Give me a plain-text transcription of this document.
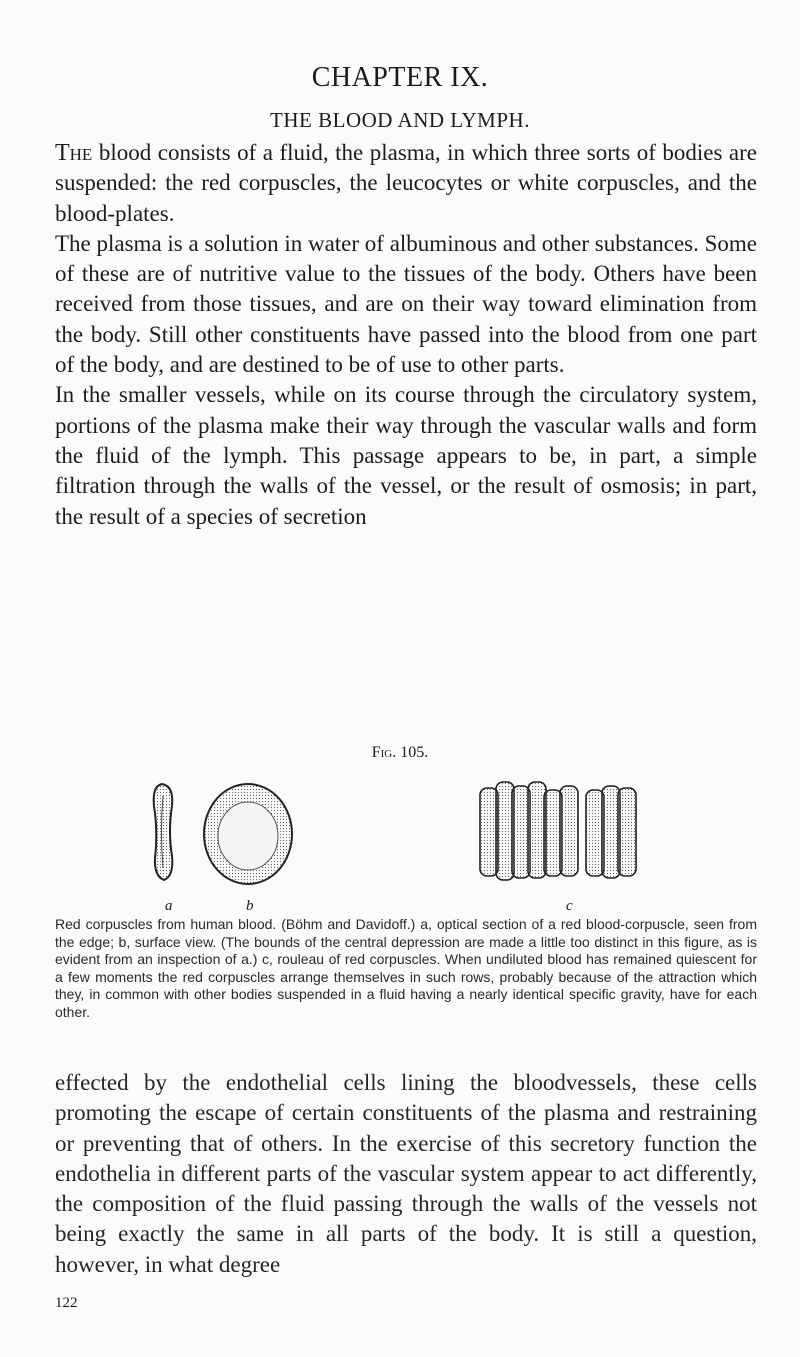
CHAPTER IX.
THE BLOOD AND LYMPH.

The blood consists of a fluid, the plasma, in which three sorts of bodies are suspended: the red corpuscles, the leucocytes or white corpuscles, and the blood-plates.

The plasma is a solution in water of albuminous and other substances. Some of these are of nutritive value to the tissues of the body. Others have been received from those tissues, and are on their way toward elimination from the body. Still other constituents have passed into the blood from one part of the body, and are destined to be of use to other parts.

In the smaller vessels, while on its course through the circulatory system, portions of the plasma make their way through the vascular walls and form the fluid of the lymph. This passage appears to be, in part, a simple filtration through the walls of the vessel, or the result of osmosis; in part, the result of a species of secretion

Fig. 105.
a	b	c
Red corpuscles from human blood. (Böhm and Davidoff.) a, optical section of a red blood-corpuscle, seen from the edge; b, surface view. (The bounds of the central depression are made a little too distinct in this figure, as is evident from an inspection of a.) c, rouleau of red corpuscles. When undiluted blood has remained quiescent for a few moments the red corpuscles arrange themselves in such rows, probably because of the attraction which they, in common with other bodies suspended in a fluid having a nearly identical specific gravity, have for each other.

effected by the endothelial cells lining the bloodvessels, these cells promoting the escape of certain constituents of the plasma and restraining or preventing that of others. In the exercise of this secretory function the endothelia in different parts of the vascular system appear to act differently, the composition of the fluid passing through the walls of the vessels not being exactly the same in all parts of the body. It is still a question, however, in what degree

122
